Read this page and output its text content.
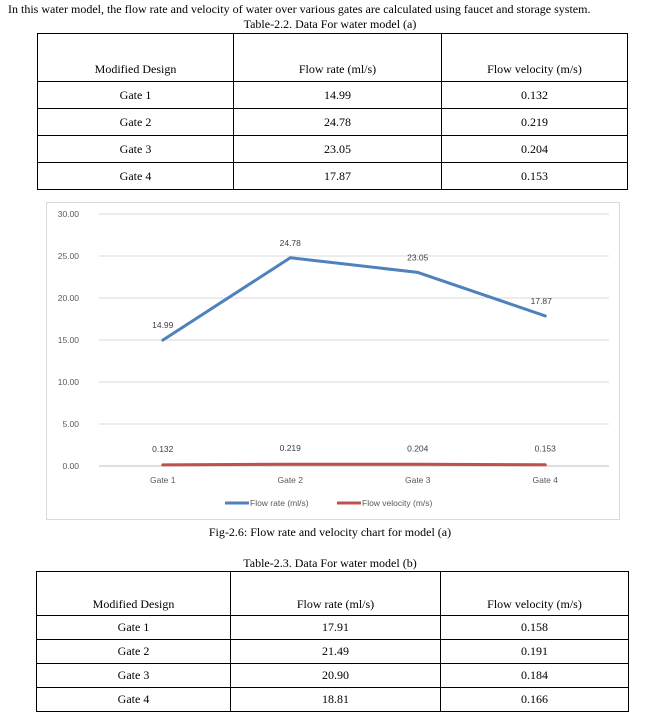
In this water model, the flow rate and velocity of water over various gates are calculated using faucet and storage system.
Table-2.2. Data For water model (a)
Modified Design	Flow rate (ml/s)	Flow velocity (m/s)
Gate 1	14.99	0.132
Gate 2	24.78	0.219
Gate 3	23.05	0.204
Gate 4	17.87	0.153
0.00
5.00
10.00
15.00
20.00
25.00
30.00
Gate 1	Gate 2	Gate 3	Gate 4
14.99
24.78
23.05
17.87
0.132	0.219	0.204	0.153
Flow rate (ml/s)	Flow velocity (m/s)
Fig-2.6: Flow rate and velocity chart for model (a)
Table-2.3. Data For water model (b)
Modified Design	Flow rate (ml/s)	Flow velocity (m/s)
Gate 1	17.91	0.158
Gate 2	21.49	0.191
Gate 3	20.90	0.184
Gate 4	18.81	0.166
